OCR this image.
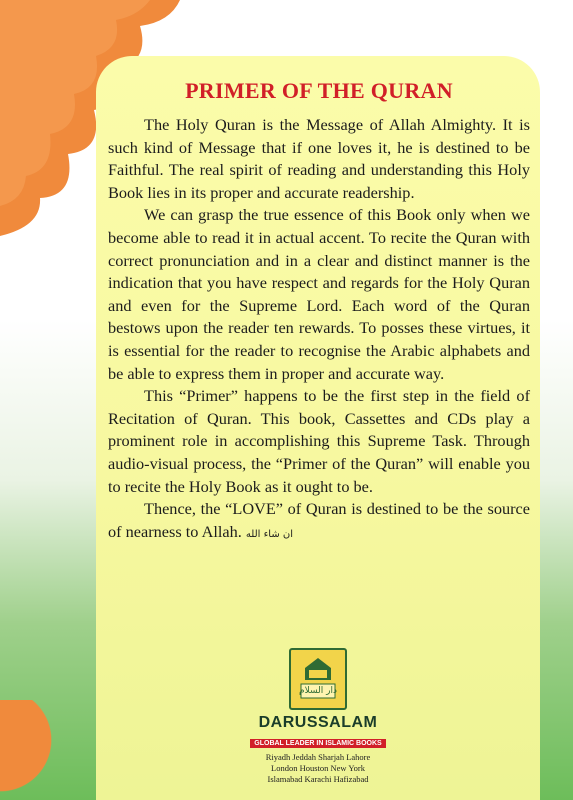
PRIMER OF THE QURAN

The Holy Quran is the Message of Allah Almighty. It is such kind of Message that if one loves it, he is destined to be Faithful. The real spirit of reading and understanding this Holy Book lies in its proper and accurate readership.

We can grasp the true essence of this Book only when we become able to read it in actual accent. To recite the Quran with correct pronunciation and in a clear and distinct manner is the indication that you have respect and regards for the Holy Quran and even for the Supreme Lord. Each word of the Quran bestows upon the reader ten rewards. To posses these virtues, it is essential for the reader to recognise the Arabic alphabets and be able to express them in proper and accurate way.

This “Primer” happens to be the first step in the field of Recitation of Quran. This book, Cassettes and CDs play a prominent role in accomplishing this Supreme Task. Through audio-visual process, the “Primer of the Quran” will enable you to recite the Holy Book as it ought to be.

Thence, the “LOVE” of Quran is destined to be the source of nearness to Allah. ان شاء الله

دار السلام
DARUSSALAM
GLOBAL LEADER IN ISLAMIC BOOKS
Riyadh Jeddah Sharjah Lahore
London Houston New York
Islamabad Karachi Hafizabad
